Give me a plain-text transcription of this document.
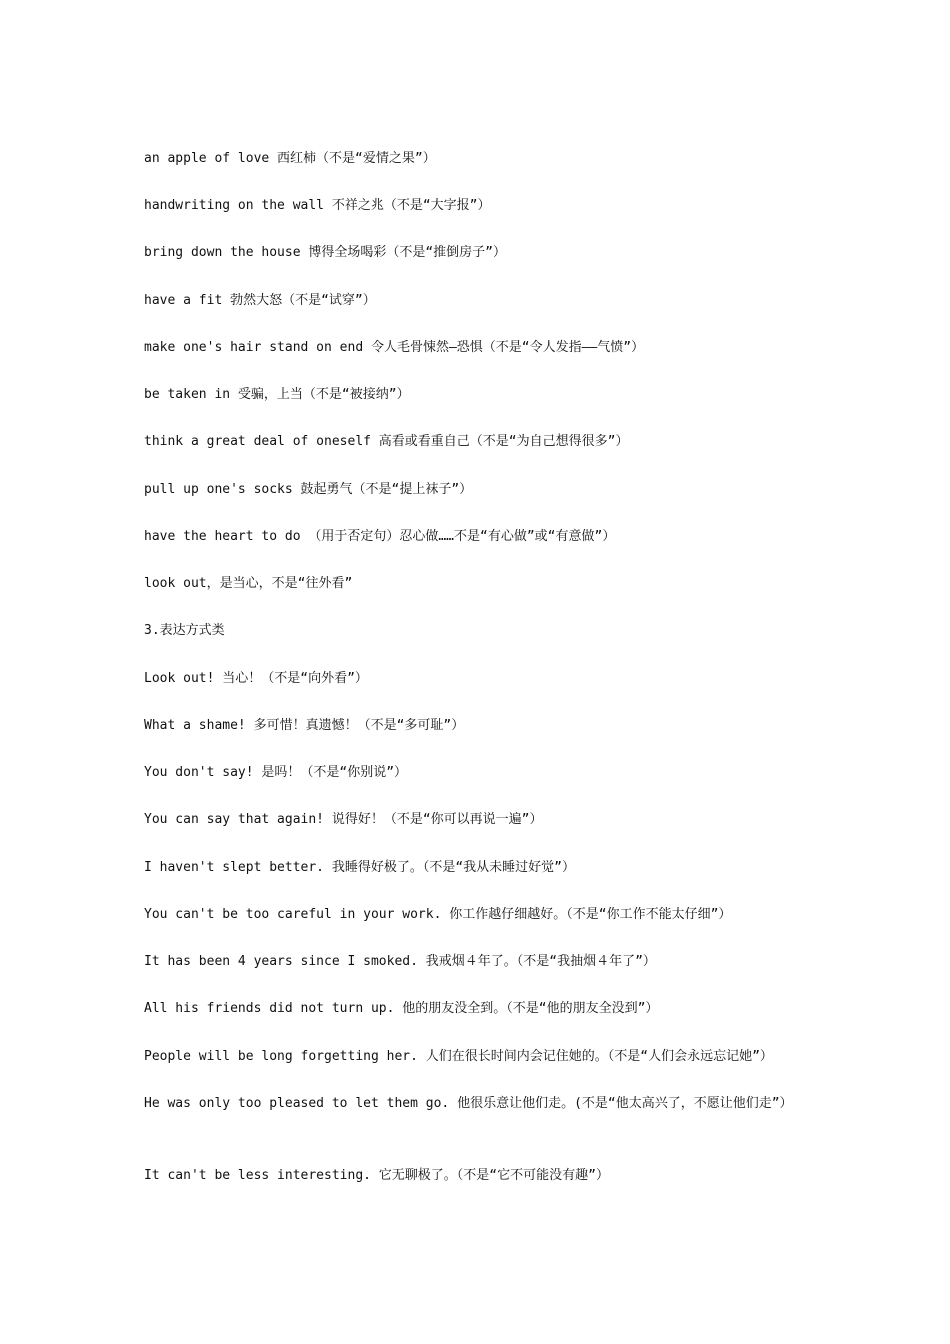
an apple of love 西红柿（不是“爱情之果”）

handwriting on the wall 不祥之兆（不是“大字报”）

bring down the house 博得全场喝彩（不是“推倒房子”）

have a fit 勃然大怒（不是“试穿”）

make one's hair stand on end 令人毛骨悚然—恐惧（不是“令人发指——气愤”）

be taken in 受骗，上当（不是“被接纳”）

think a great deal of oneself 高看或看重自己（不是“为自己想得很多”）

pull up one's socks 鼓起勇气（不是“提上袜子”）

have the heart to do （用于否定句）忍心做……不是“有心做”或“有意做”）

look out，是当心，不是“往外看”

3.表达方式类

Look out! 当心！（不是“向外看”）

What a shame! 多可惜！真遗憾！（不是“多可耻”）

You don't say! 是吗！（不是“你别说”）

You can say that again! 说得好！（不是“你可以再说一遍”）

I haven't slept better. 我睡得好极了。（不是“我从未睡过好觉”）

You can't be too careful in your work. 你工作越仔细越好。（不是“你工作不能太仔细”）

It has been 4 years since I smoked. 我戒烟４年了。（不是“我抽烟４年了”）

All his friends did not turn up. 他的朋友没全到。（不是“他的朋友全没到”）

People will be long forgetting her. 人们在很长时间内会记住她的。（不是“人们会永远忘记她”）

He was only too pleased to let them go. 他很乐意让他们走。(不是“他太高兴了，不愿让他们走”）

It can't be less interesting. 它无聊极了。（不是“它不可能没有趣”）
